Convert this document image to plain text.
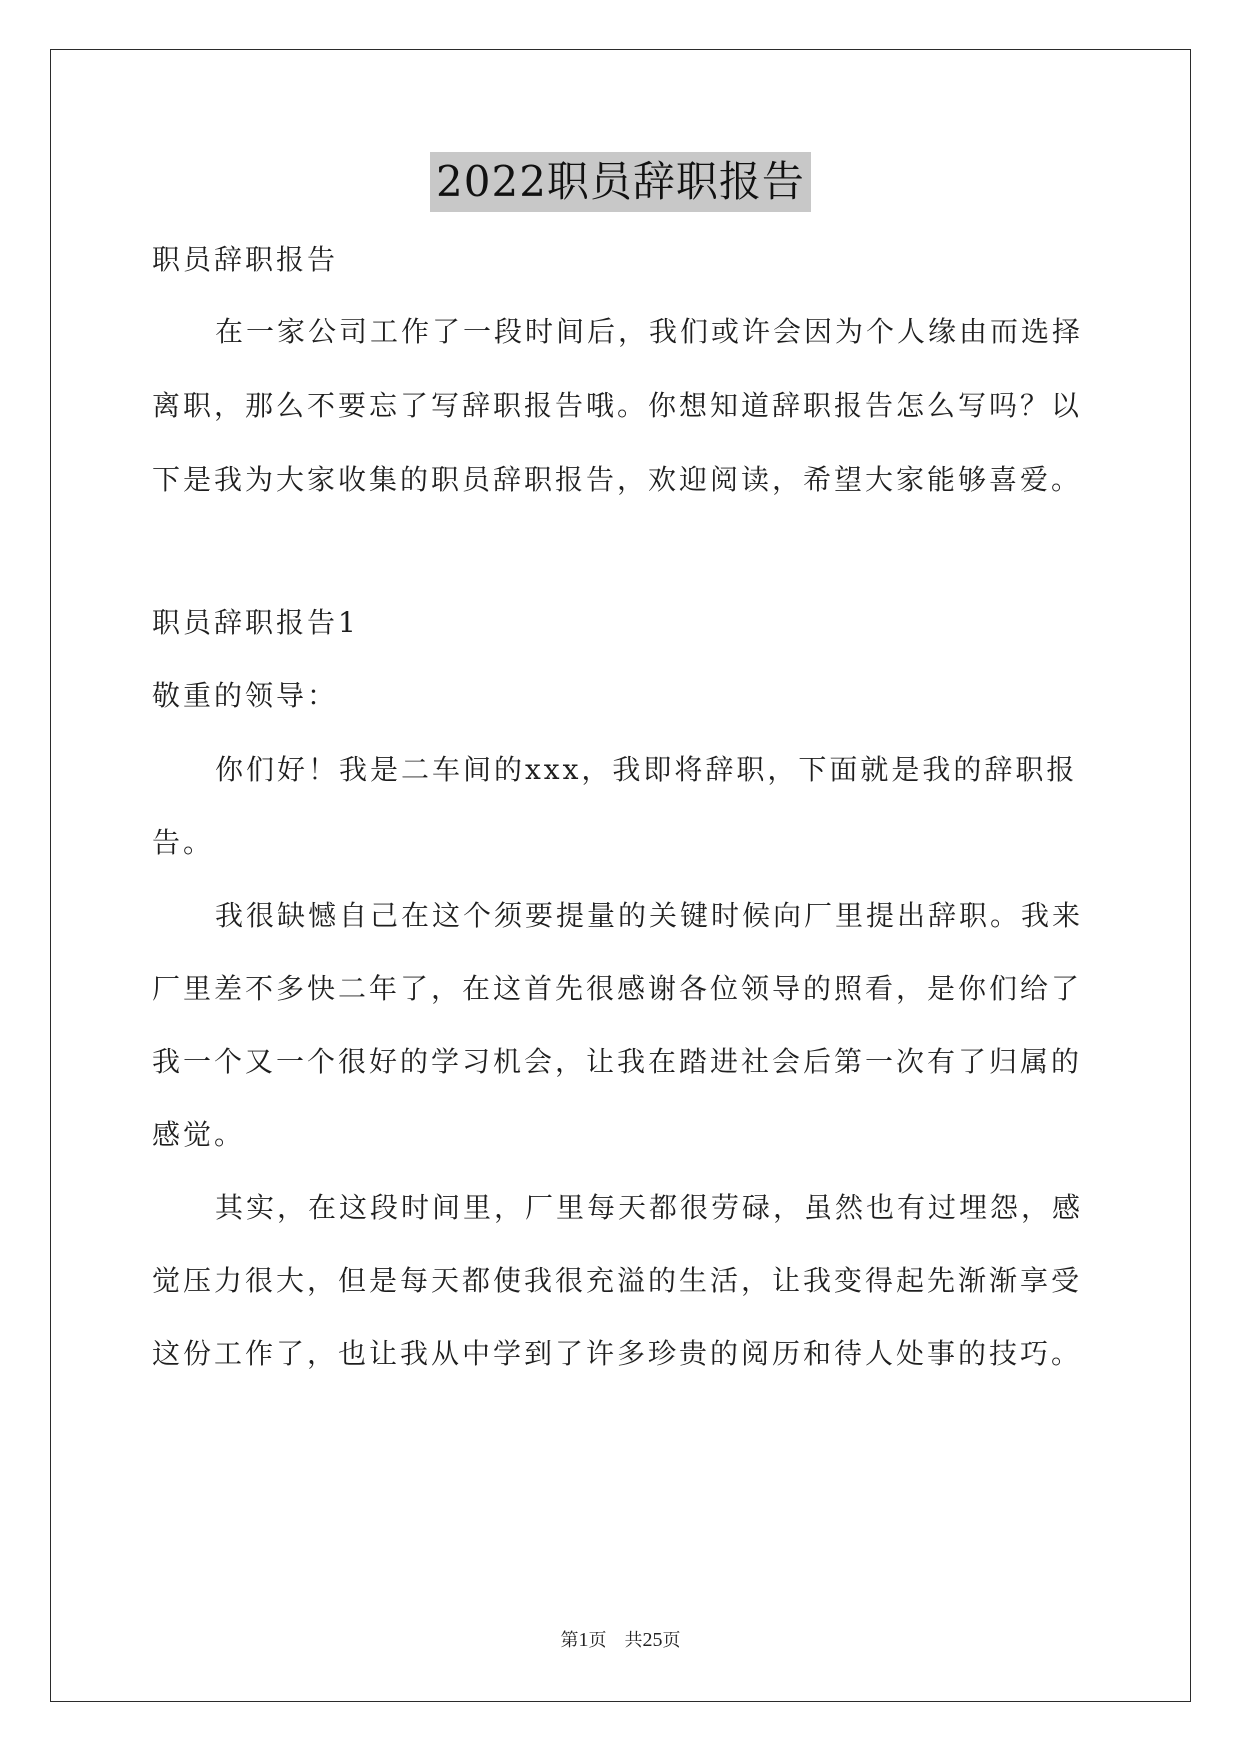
2022职员辞职报告
职员辞职报告
在一家公司工作了一段时间后，我们或许会因为个人缘由而选择
离职，那么不要忘了写辞职报告哦。你想知道辞职报告怎么写吗？以
下是我为大家收集的职员辞职报告，欢迎阅读，希望大家能够喜爱。
职员辞职报告1
敬重的领导：
你们好！我是二车间的xxx，我即将辞职，下面就是我的辞职报
告。
我很缺憾自己在这个须要提量的关键时候向厂里提出辞职。我来
厂里差不多快二年了，在这首先很感谢各位领导的照看，是你们给了
我一个又一个很好的学习机会，让我在踏进社会后第一次有了归属的
感觉。
其实，在这段时间里，厂里每天都很劳碌，虽然也有过埋怨，感
觉压力很大，但是每天都使我很充溢的生活，让我变得起先渐渐享受
这份工作了，也让我从中学到了许多珍贵的阅历和待人处事的技巧。
第1页 共25页
